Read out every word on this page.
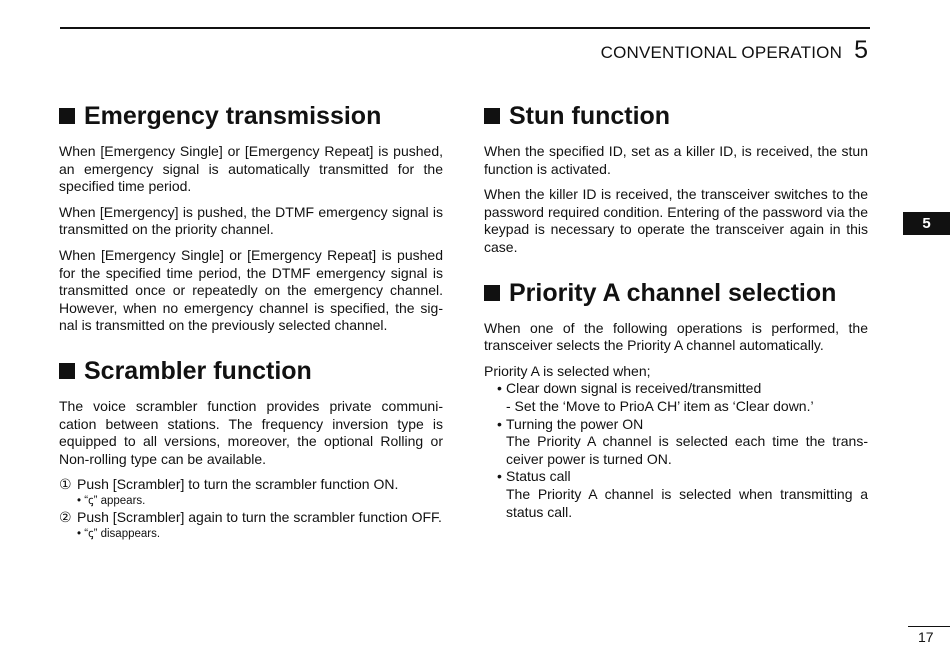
CONVENTIONAL OPERATION 5
Emergency transmission

When [Emergency Single] or [Emergency Repeat] is pushed, an emergency signal is automatically transmitted for the specified time period.

When [Emergency] is pushed, the DTMF emergency signal is transmitted on the priority channel.

When [Emergency Single] or [Emergency Repeat] is pushed for the specified time period, the DTMF emergency signal is transmitted once or repeatedly on the emergency channel. However, when no emergency channel is specified, the sig-nal is transmitted on the previously selected channel.

Scrambler function

The voice scrambler function provides private communi-cation between stations. The frequency inversion type is equipped to all versions, moreover, the optional Rolling or Non-rolling type can be available.

① Push [Scrambler] to turn the scrambler function ON.
• “ꞔ” appears.
② Push [Scrambler] again to turn the scrambler function OFF.
• “ꞔ” disappears.
Stun function

When the specified ID, set as a killer ID, is received, the stun function is activated.

When the killer ID is received, the transceiver switches to the password required condition. Entering of the password via the keypad is necessary to operate the transceiver again in this case.

Priority A channel selection

When one of the following operations is performed, the transceiver selects the Priority A channel automatically.

Priority A is selected when;

• Clear down signal is received/transmitted
- Set the ‘Move to PrioA CH’ item as ‘Clear down.’
• Turning the power ON
The Priority A channel is selected each time the trans-ceiver power is turned ON.
• Status call
The Priority A channel is selected when transmitting a status call.
5
17
